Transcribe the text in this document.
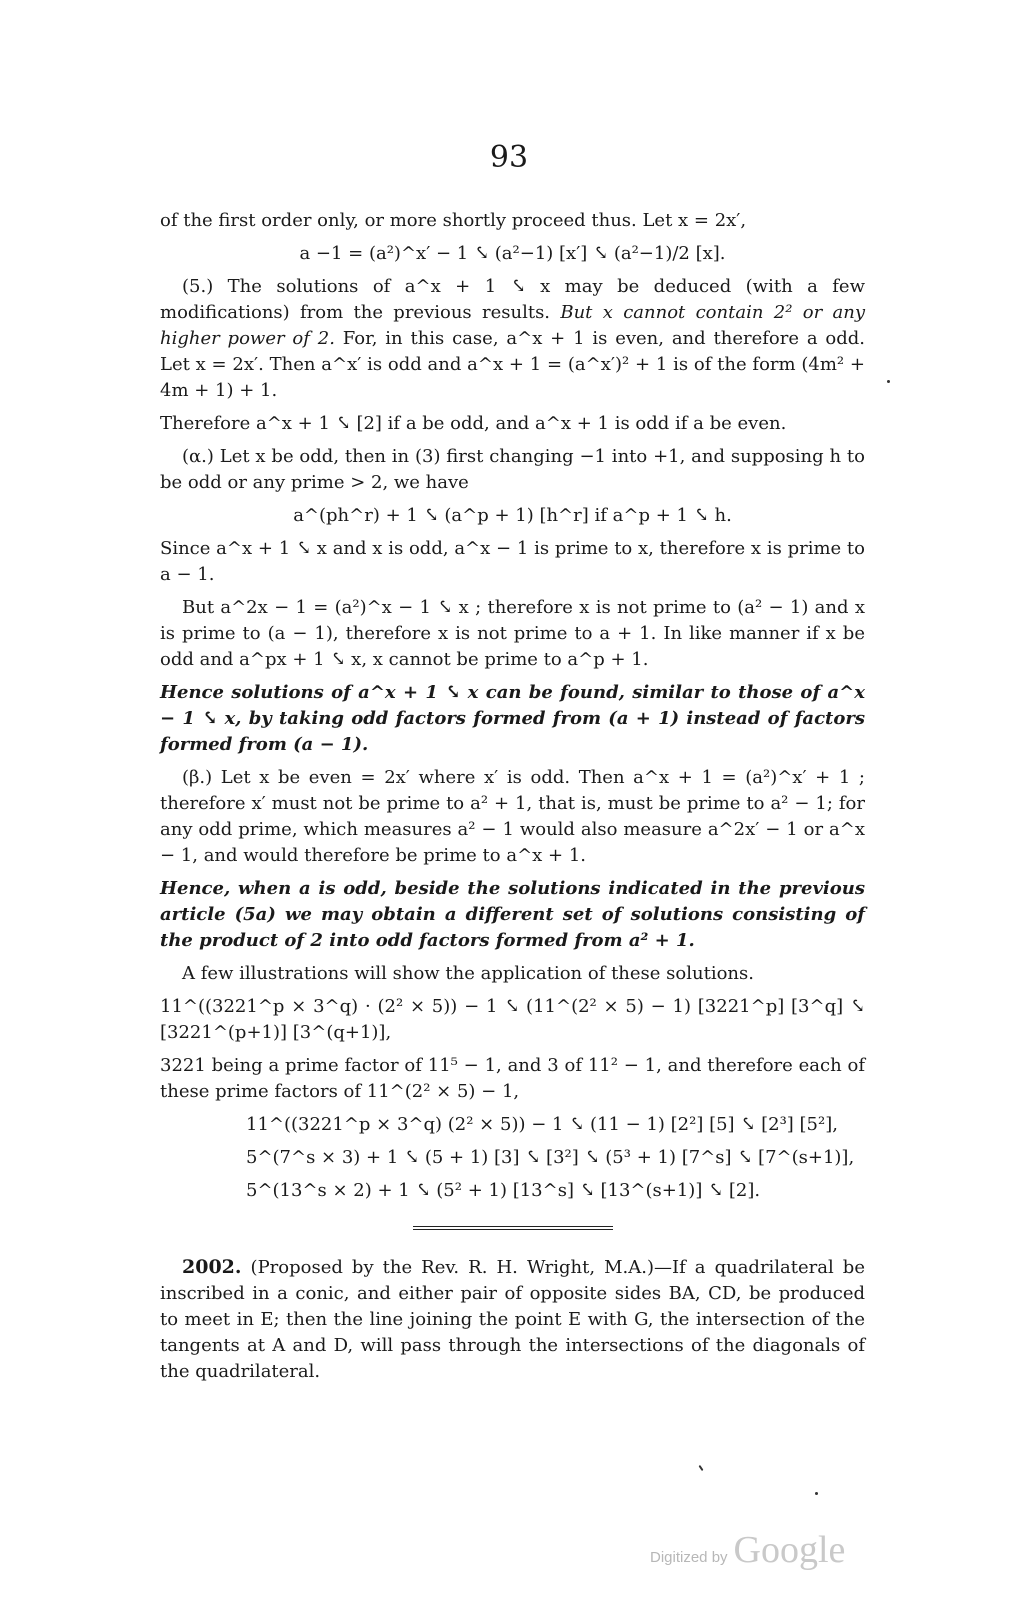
93

of the first order only, or more shortly proceed thus. Let x = 2x′,

a −1 = (a²)^x′ − 1 ⤥ (a²−1) [x′] ⤥ (a²−1)/2 [x].

(5.) The solutions of a^x + 1 ⤥ x may be deduced (with a few modifications) from the previous results. But x cannot contain 2² or any higher power of 2. For, in this case, a^x + 1 is even, and therefore a odd. Let x = 2x′. Then a^x′ is odd and a^x + 1 = (a^x′)² + 1 is of the form (4m² + 4m + 1) + 1.

Therefore a^x + 1 ⤥ [2] if a be odd, and a^x + 1 is odd if a be even.

(α.) Let x be odd, then in (3) first changing −1 into +1, and supposing h to be odd or any prime > 2, we have

a^(ph^r) + 1 ⤥ (a^p + 1) [h^r] if a^p + 1 ⤥ h.

Since a^x + 1 ⤥ x and x is odd, a^x − 1 is prime to x, therefore x is prime to a − 1.

But a^2x − 1 = (a²)^x − 1 ⤥ x ; therefore x is not prime to (a² − 1) and x is prime to (a − 1), therefore x is not prime to a + 1. In like manner if x be odd and a^px + 1 ⤥ x, x cannot be prime to a^p + 1.

Hence solutions of a^x + 1 ⤥ x can be found, similar to those of a^x − 1 ⤥ x, by taking odd factors formed from (a + 1) instead of factors formed from (a − 1).

(β.) Let x be even = 2x′ where x′ is odd. Then a^x + 1 = (a²)^x′ + 1 ; therefore x′ must not be prime to a² + 1, that is, must be prime to a² − 1; for any odd prime, which measures a² − 1 would also measure a^2x′ − 1 or a^x − 1, and would therefore be prime to a^x + 1.

Hence, when a is odd, beside the solutions indicated in the previous article (5a) we may obtain a different set of solutions consisting of the product of 2 into odd factors formed from a² + 1.

A few illustrations will show the application of these solutions.

11^((3221^p × 3^q) · (2² × 5)) − 1 ⤥ (11^(2² × 5) − 1) [3221^p] [3^q] ⤥ [3221^(p+1)] [3^(q+1)],

3221 being a prime factor of 11⁵ − 1, and 3 of 11² − 1, and therefore each of these prime factors of 11^(2² × 5) − 1,

11^((3221^p × 3^q) (2² × 5)) − 1 ⤥ (11 − 1) [2²] [5] ⤥ [2³] [5²],

5^(7^s × 3) + 1 ⤥ (5 + 1) [3] ⤥ [3²] ⤥ (5³ + 1) [7^s] ⤥ [7^(s+1)],

5^(13^s × 2) + 1 ⤥ (5² + 1) [13^s] ⤥ [13^(s+1)] ⤥ [2].

2002. (Proposed by the Rev. R. H. Wright, M.A.)—If a quadrilateral be inscribed in a conic, and either pair of opposite sides BA, CD, be produced to meet in E; then the line joining the point E with G, the intersection of the tangents at A and D, will pass through the intersections of the diagonals of the quadrilateral.

Digitized by Google
